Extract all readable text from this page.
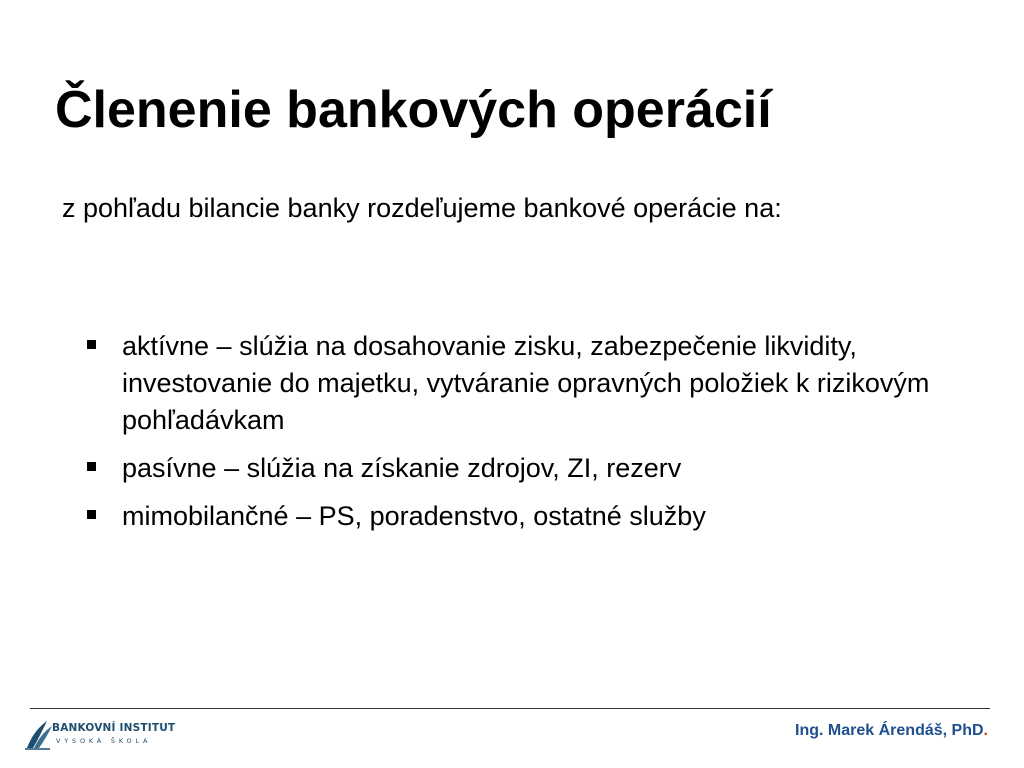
Členenie bankových operácií

z pohľadu bilancie banky rozdeľujeme bankové operácie na:

aktívne – slúžia na dosahovanie zisku, zabezpečenie likvidity, investovanie do majetku, vytváranie opravných položiek k rizikovým pohľadávkam
pasívne – slúžia na získanie zdrojov, ZI, rezerv
mimobilančné – PS, poradenstvo, ostatné služby
BANKOVNÍ INSTITUT
VYSOKÁ ŠKOLA
Ing. Marek Árendáš, PhD.
